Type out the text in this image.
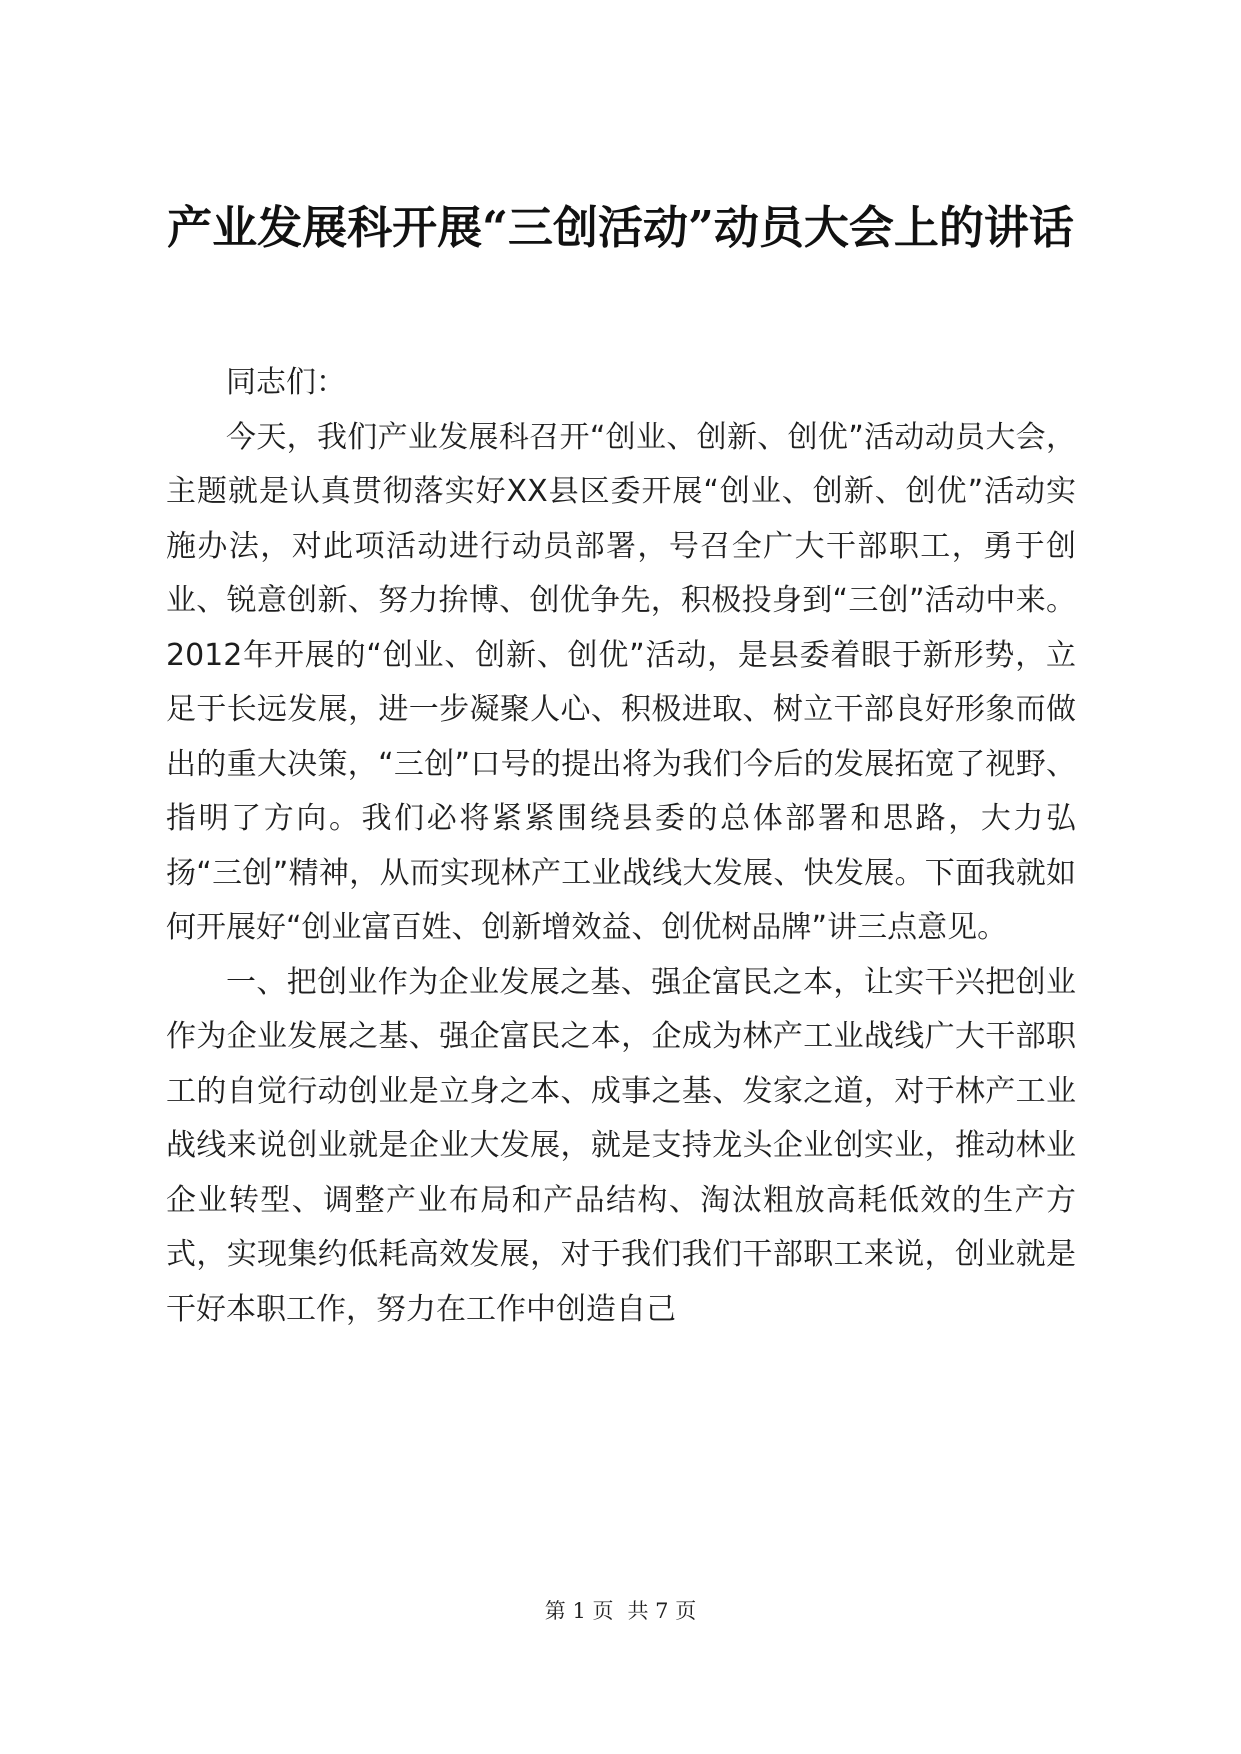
产业发展科开展“三创活动”动员大会上的讲话

同志们：

今天，我们产业发展科召开“创业、创新、创优”活动动员大会，主题就是认真贯彻落实好XX县区委开展“创业、创新、创优”活动实施办法，对此项活动进行动员部署，号召全广大干部职工，勇于创业、锐意创新、努力拚博、创优争先，积极投身到“三创”活动中来。2012年开展的“创业、创新、创优”活动，是县委着眼于新形势，立足于长远发展，进一步凝聚人心、积极进取、树立干部良好形象而做出的重大决策，“三创”口号的提出将为我们今后的发展拓宽了视野、指明了方向。我们必将紧紧围绕县委的总体部署和思路，大力弘扬“三创”精神，从而实现林产工业战线大发展、快发展。下面我就如何开展好“创业富百姓、创新增效益、创优树品牌”讲三点意见。

一、把创业作为企业发展之基、强企富民之本，让实干兴把创业作为企业发展之基、强企富民之本，企成为林产工业战线广大干部职工的自觉行动创业是立身之本、成事之基、发家之道，对于林产工业战线来说创业就是企业大发展，就是支持龙头企业创实业，推动林业企业转型、调整产业布局和产品结构、淘汰粗放高耗低效的生产方式，实现集约低耗高效发展，对于我们我们干部职工来说，创业就是干好本职工作，努力在工作中创造自己

第 1 页 共 7 页
